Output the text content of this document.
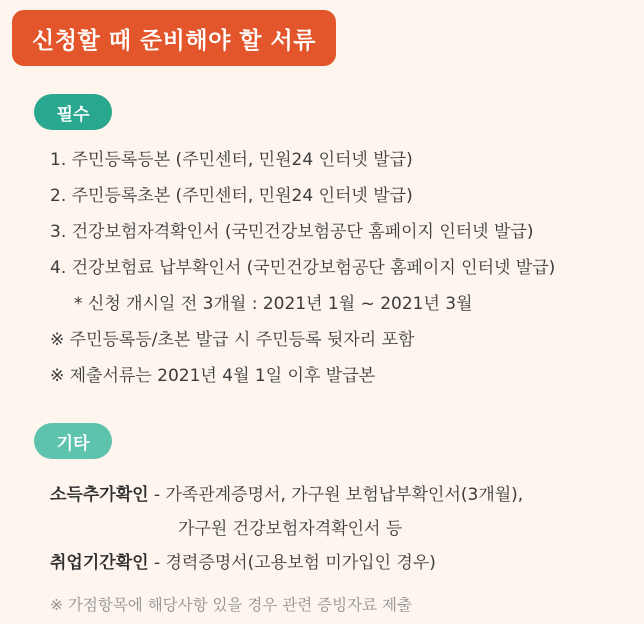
신청할 때 준비해야 할 서류
필수
1. 주민등록등본 (주민센터, 민원24 인터넷 발급)
2. 주민등록초본 (주민센터, 민원24 인터넷 발급)
3. 건강보험자격확인서 (국민건강보험공단 홈페이지 인터넷 발급)
4. 건강보험료 납부확인서 (국민건강보험공단 홈페이지 인터넷 발급)
* 신청 개시일 전 3개월 : 2021년 1월 ~ 2021년 3월
※ 주민등록등/초본 발급 시 주민등록 뒷자리 포함
※ 제출서류는 2021년 4월 1일 이후 발급본
기타
소득추가확인 - 가족관계증명서, 가구원 보험납부확인서(3개월),
가구원 건강보험자격확인서 등
취업기간확인 - 경력증명서(고용보험 미가입인 경우)
※ 가점항목에 해당사항 있을 경우 관련 증빙자료 제출
